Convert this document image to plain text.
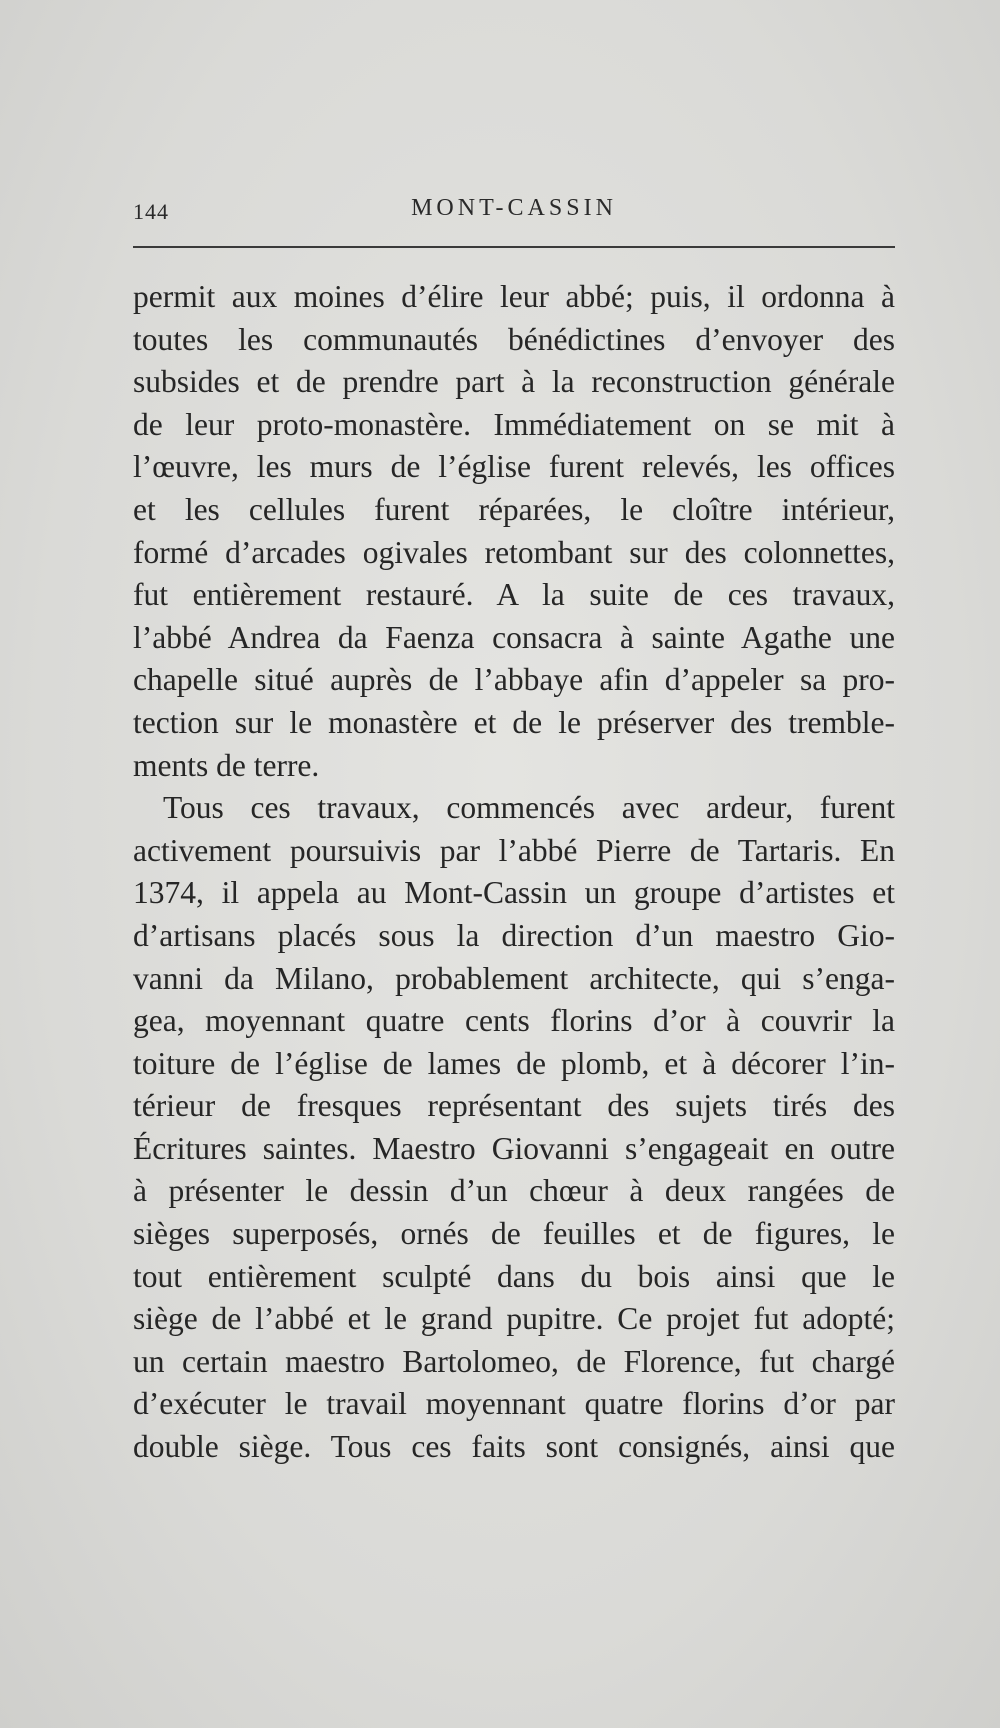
144	MONT-CASSIN
permit aux moines d’élire leur abbé; puis, il ordonna à
toutes les communautés bénédictines d’envoyer des
subsides et de prendre part à la reconstruction générale
de leur proto-monastère. Immédiatement on se mit à
l’œuvre, les murs de l’église furent relevés, les offices
et les cellules furent réparées, le cloître intérieur,
formé d’arcades ogivales retombant sur des colonnettes,
fut entièrement restauré. A la suite de ces travaux,
l’abbé Andrea da Faenza consacra à sainte Agathe une
chapelle situé auprès de l’abbaye afin d’appeler sa pro-
tection sur le monastère et de le préserver des tremble-
ments de terre.
Tous ces travaux, commencés avec ardeur, furent
activement poursuivis par l’abbé Pierre de Tartaris. En
1374, il appela au Mont-Cassin un groupe d’artistes et
d’artisans placés sous la direction d’un maestro Gio-
vanni da Milano, probablement architecte, qui s’enga-
gea, moyennant quatre cents florins d’or à couvrir la
toiture de l’église de lames de plomb, et à décorer l’in-
térieur de fresques représentant des sujets tirés des
Écritures saintes. Maestro Giovanni s’engageait en outre
à présenter le dessin d’un chœur à deux rangées de
sièges superposés, ornés de feuilles et de figures, le
tout entièrement sculpté dans du bois ainsi que le
siège de l’abbé et le grand pupitre. Ce projet fut adopté;
un certain maestro Bartolomeo, de Florence, fut chargé
d’exécuter le travail moyennant quatre florins d’or par
double siège. Tous ces faits sont consignés, ainsi que
